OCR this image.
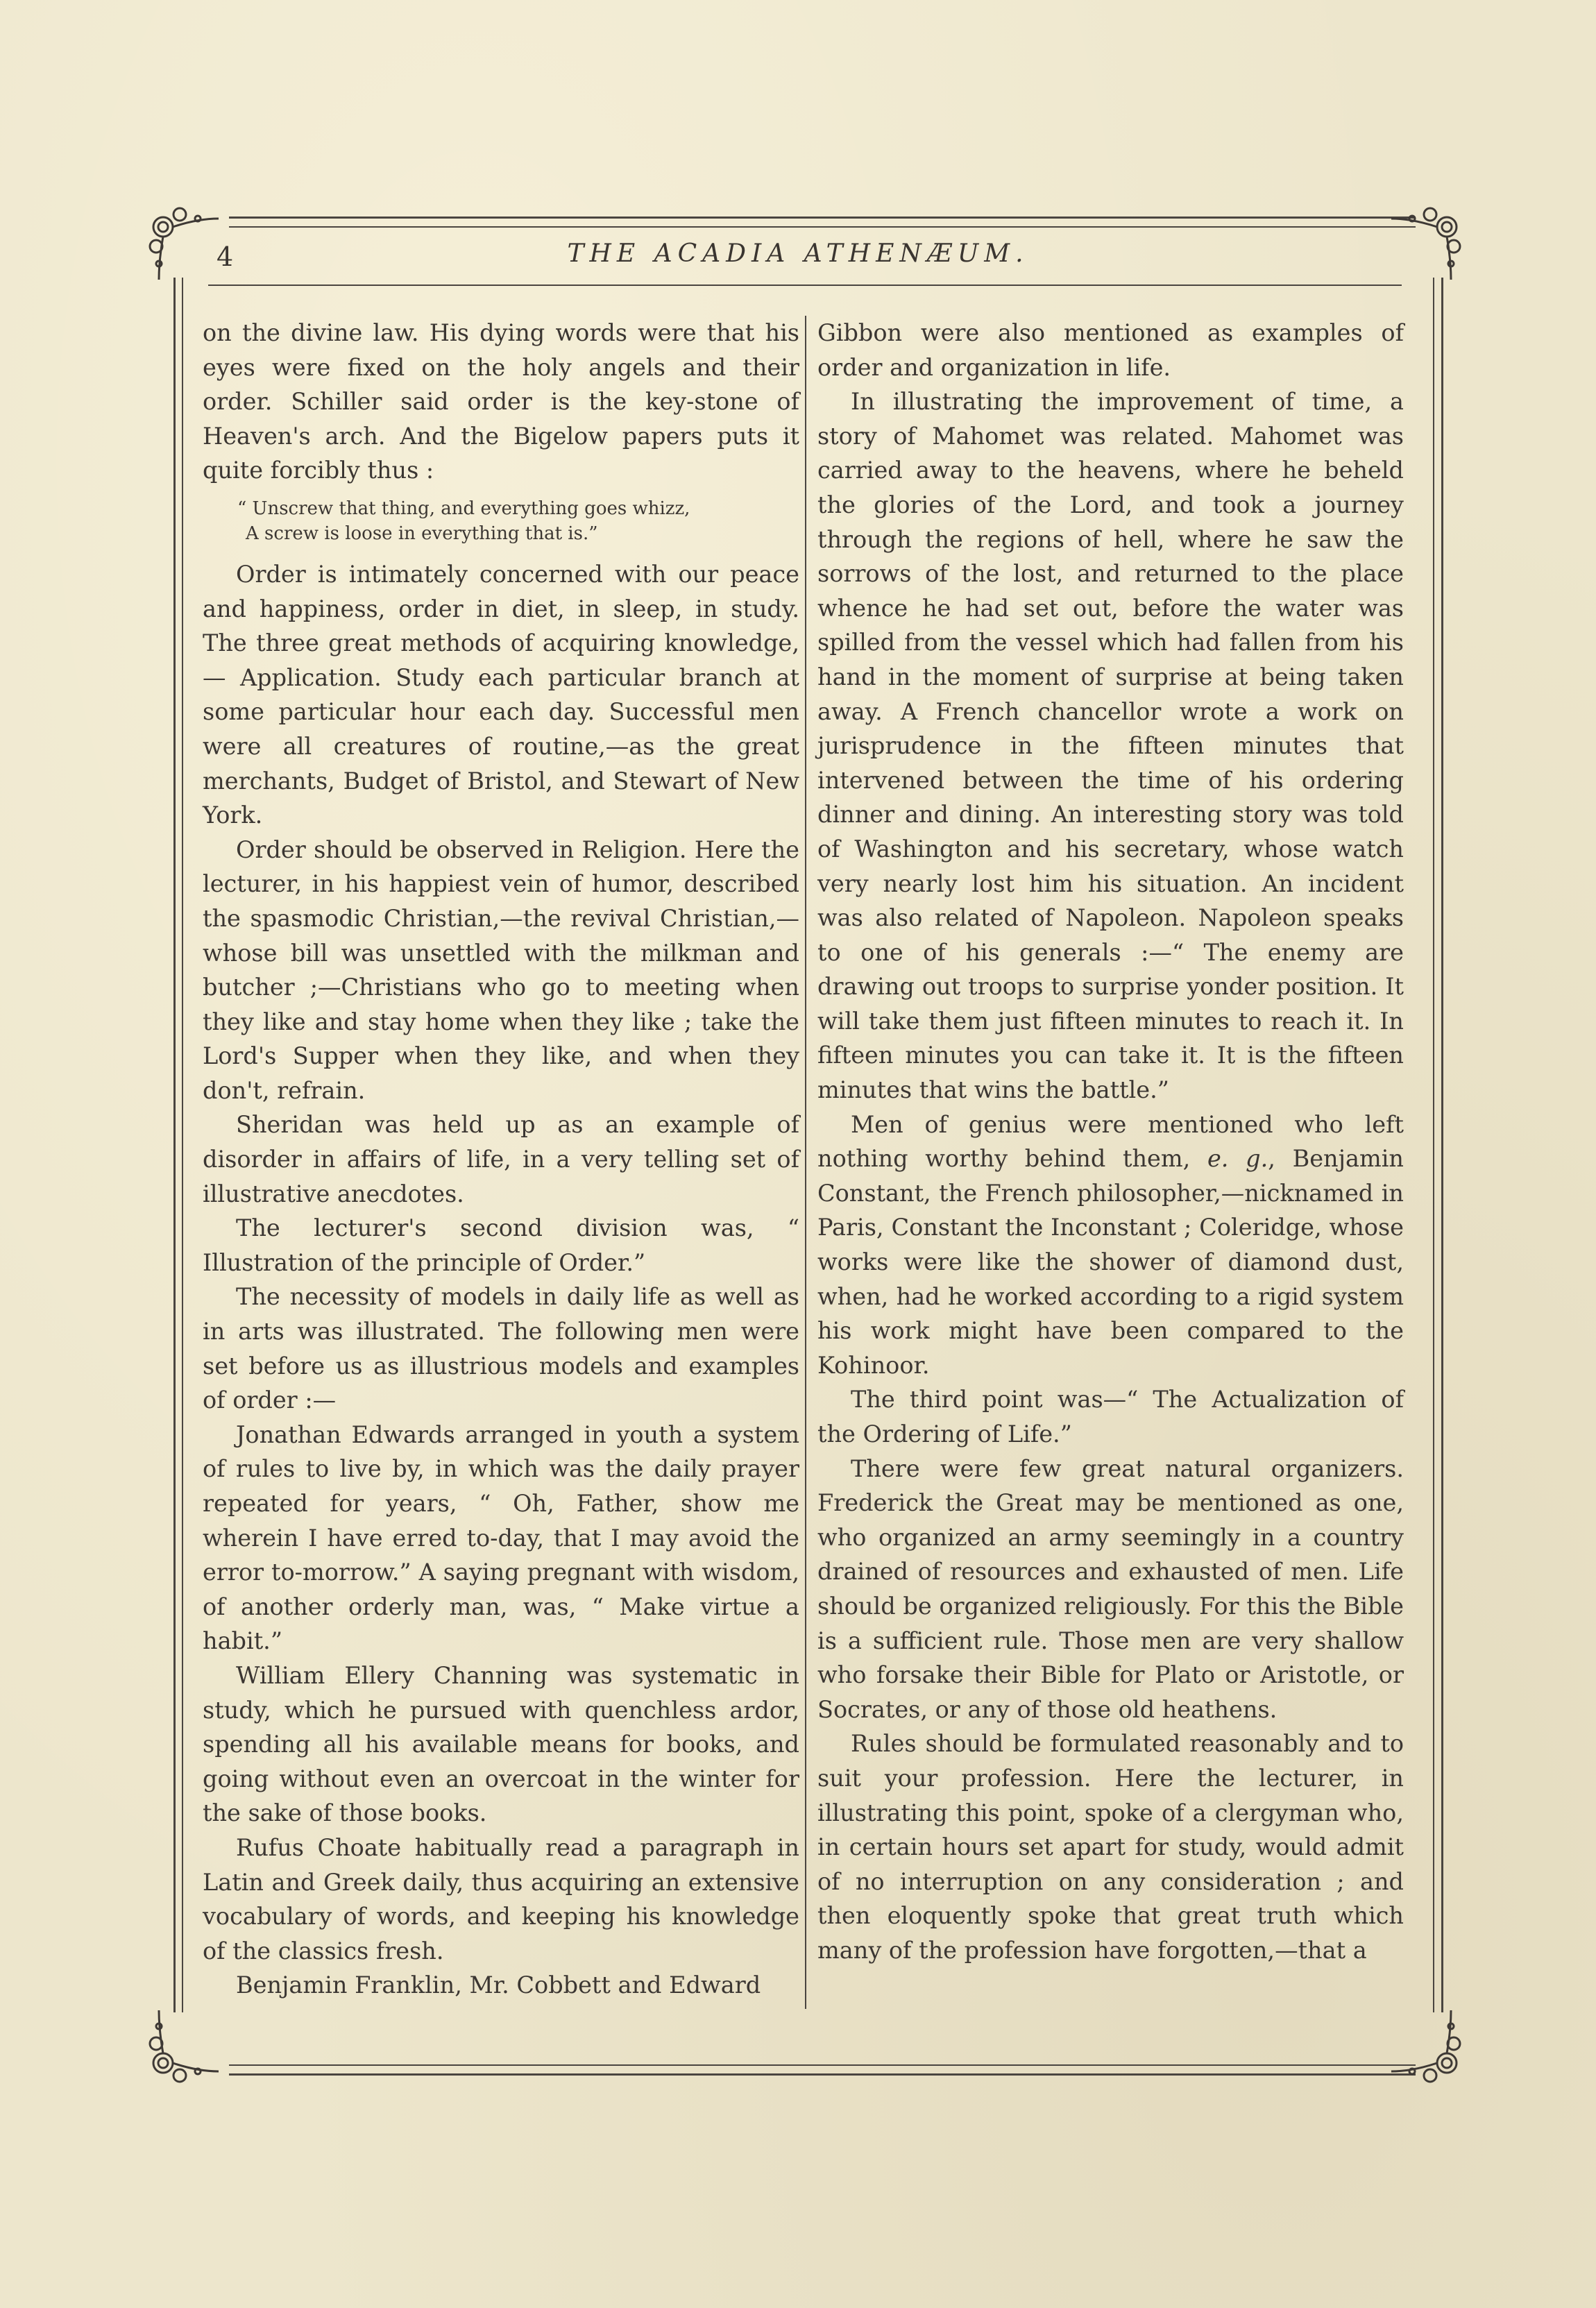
4	THE ACADIA ATHENÆUM.

on the divine law. His dying words were that his eyes were fixed on the holy angels and their order. Schiller said order is the key-stone of Heaven's arch. And the Bigelow papers puts it quite forcibly thus :

“ Unscrew that thing, and everything goes whizz,
A screw is loose in everything that is.”

Order is intimately concerned with our peace and happiness, order in diet, in sleep, in study. The three great methods of acquiring knowledge, — Application. Study each particular branch at some particular hour each day. Successful men were all creatures of routine,—as the great merchants, Budget of Bristol, and Stewart of New York.

Order should be observed in Religion. Here the lecturer, in his happiest vein of humor, described the spasmodic Christian,—the revival Christian,—whose bill was unsettled with the milkman and butcher ;—Christians who go to meeting when they like and stay home when they like ; take the Lord's Supper when they like, and when they don't, refrain.

Sheridan was held up as an example of disorder in affairs of life, in a very telling set of illustrative anecdotes.

The lecturer's second division was, “ Illustration of the principle of Order.”

The necessity of models in daily life as well as in arts was illustrated. The following men were set before us as illustrious models and examples of order :—

Jonathan Edwards arranged in youth a system of rules to live by, in which was the daily prayer repeated for years, “ Oh, Father, show me wherein I have erred to-day, that I may avoid the error to-morrow.” A saying pregnant with wisdom, of another orderly man, was, “ Make virtue a habit.”

William Ellery Channing was systematic in study, which he pursued with quenchless ardor, spending all his available means for books, and going without even an overcoat in the winter for the sake of those books.

Rufus Choate habitually read a paragraph in Latin and Greek daily, thus acquiring an extensive vocabulary of words, and keeping his knowledge of the classics fresh.

Benjamin Franklin, Mr. Cobbett and Edward

Gibbon were also mentioned as examples of order and organization in life.

In illustrating the improvement of time, a story of Mahomet was related. Mahomet was carried away to the heavens, where he beheld the glories of the Lord, and took a journey through the regions of hell, where he saw the sorrows of the lost, and returned to the place whence he had set out, before the water was spilled from the vessel which had fallen from his hand in the moment of surprise at being taken away. A French chancellor wrote a work on jurisprudence in the fifteen minutes that intervened between the time of his ordering dinner and dining. An interesting story was told of Washington and his secretary, whose watch very nearly lost him his situation. An incident was also related of Napoleon. Napoleon speaks to one of his generals :—“ The enemy are drawing out troops to surprise yonder position. It will take them just fifteen minutes to reach it. In fifteen minutes you can take it. It is the fifteen minutes that wins the battle.”

Men of genius were mentioned who left nothing worthy behind them, e. g., Benjamin Constant, the French philosopher,—nicknamed in Paris, Constant the Inconstant ; Coleridge, whose works were like the shower of diamond dust, when, had he worked according to a rigid system his work might have been compared to the Kohinoor.

The third point was—“ The Actualization of the Ordering of Life.”

There were few great natural organizers. Frederick the Great may be mentioned as one, who organized an army seemingly in a country drained of resources and exhausted of men. Life should be organized religiously. For this the Bible is a sufficient rule. Those men are very shallow who forsake their Bible for Plato or Aristotle, or Socrates, or any of those old heathens.

Rules should be formulated reasonably and to suit your profession. Here the lecturer, in illustrating this point, spoke of a clergyman who, in certain hours set apart for study, would admit of no interruption on any consideration ; and then eloquently spoke that great truth which many of the profession have forgotten,—that a
